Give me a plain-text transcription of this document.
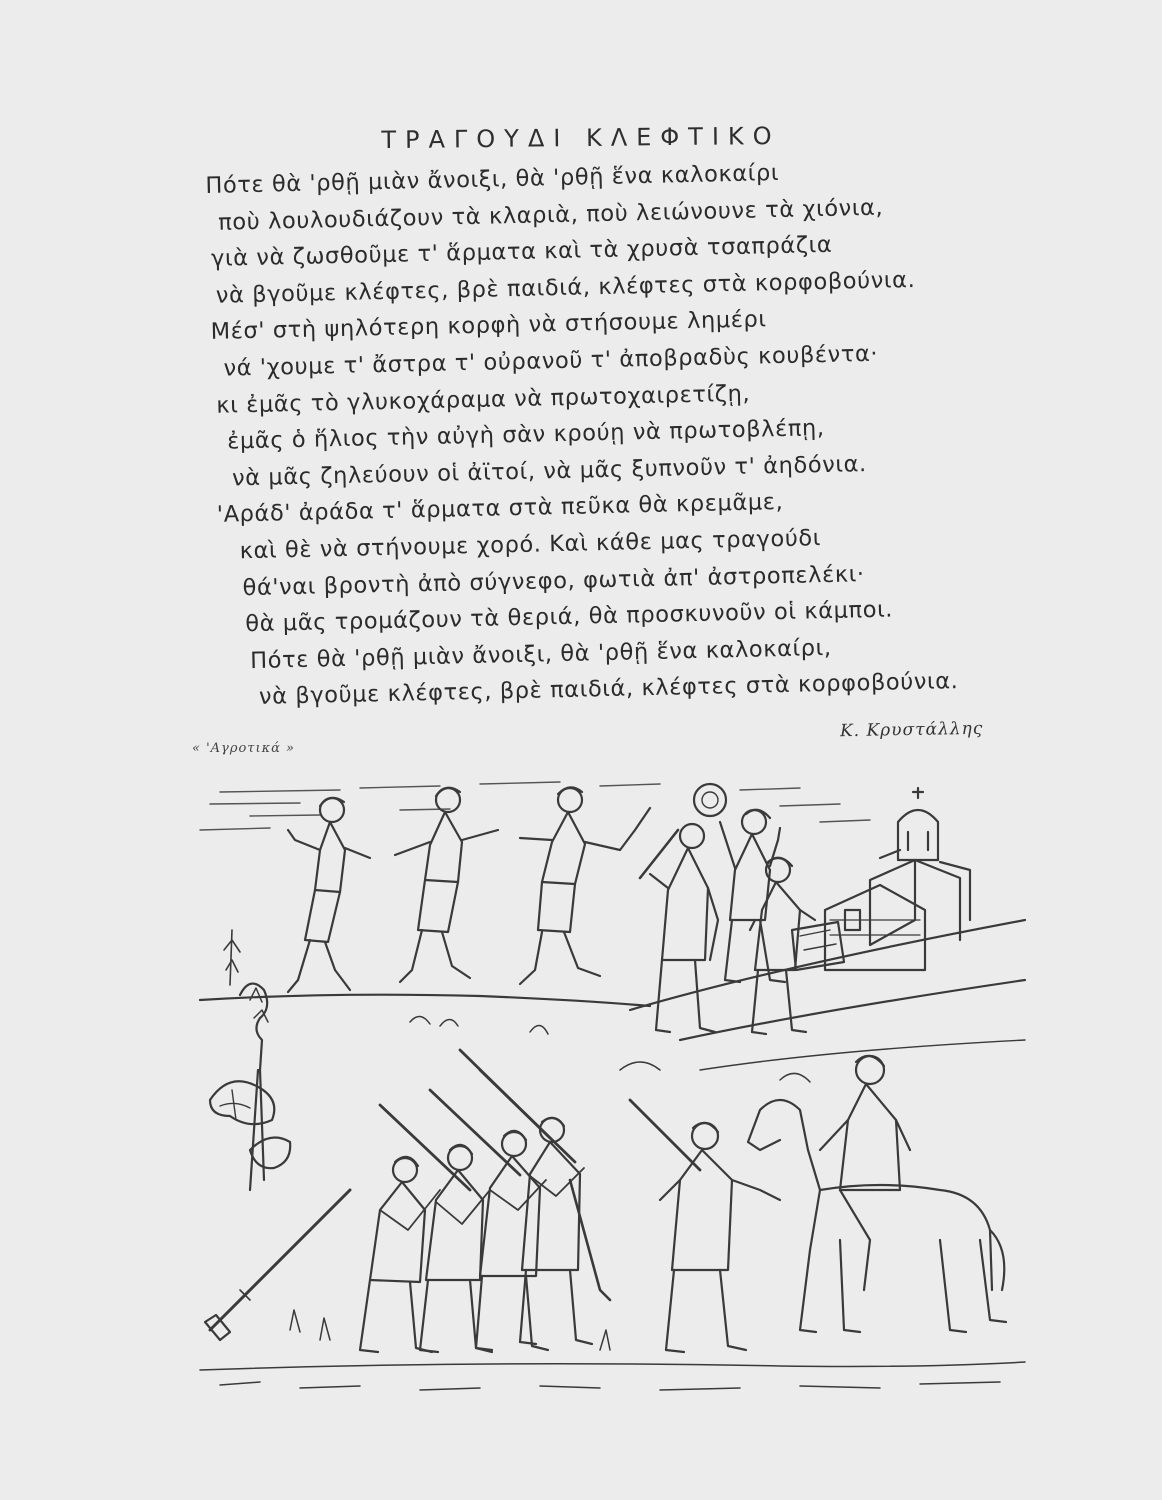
ΤΡΑΓΟΥΔΙ ΚΛΕΦΤΙΚΟ
Πότε θὰ 'ρθῇ μιὰν ἄνοιξι, θὰ 'ρθῇ ἕνα καλοκαίρι
ποὺ λουλουδιάζουν τὰ κλαριὰ, ποὺ λειώνουνε τὰ χιόνια,
γιὰ νὰ ζωσθοῦμε τ' ἅρματα καὶ τὰ χρυσὰ τσαπράζια
νὰ βγοῦμε κλέφτες, βρὲ παιδιά, κλέφτες στὰ κορφοβούνια.
Μέσ' στὴ ψηλότερη κορφὴ νὰ στήσουμε λημέρι
νά 'χουμε τ' ἄστρα τ' οὐρανοῦ τ' ἀποβραδὺς κουβέντα·
κι ἐμᾶς τὸ γλυκοχάραμα νὰ πρωτοχαιρετίζῃ,
ἐμᾶς ὁ ἥλιος τὴν αὐγὴ σὰν κρούῃ νὰ πρωτοβλέπῃ,
νὰ μᾶς ζηλεύουν οἱ ἀϊτοί, νὰ μᾶς ξυπνοῦν τ' ἀηδόνια.
'Αράδ' ἀράδα τ' ἅρματα στὰ πεῦκα θὰ κρεμᾶμε,
καὶ θὲ νὰ στήνουμε χορό. Καὶ κάθε μας τραγούδι
θά'ναι βροντὴ ἀπὸ σύγνεφο, φωτιὰ ἀπ' ἀστροπελέκι·
θὰ μᾶς τρομάζουν τὰ θεριά, θὰ προσκυνοῦν οἱ κάμποι.
Πότε θὰ 'ρθῇ μιὰν ἄνοιξι, θὰ 'ρθῇ ἕνα καλοκαίρι,
νὰ βγοῦμε κλέφτες, βρὲ παιδιά, κλέφτες στὰ κορφοβούνια.
Κ. Κρυστάλλης
« 'Αγροτικά »
